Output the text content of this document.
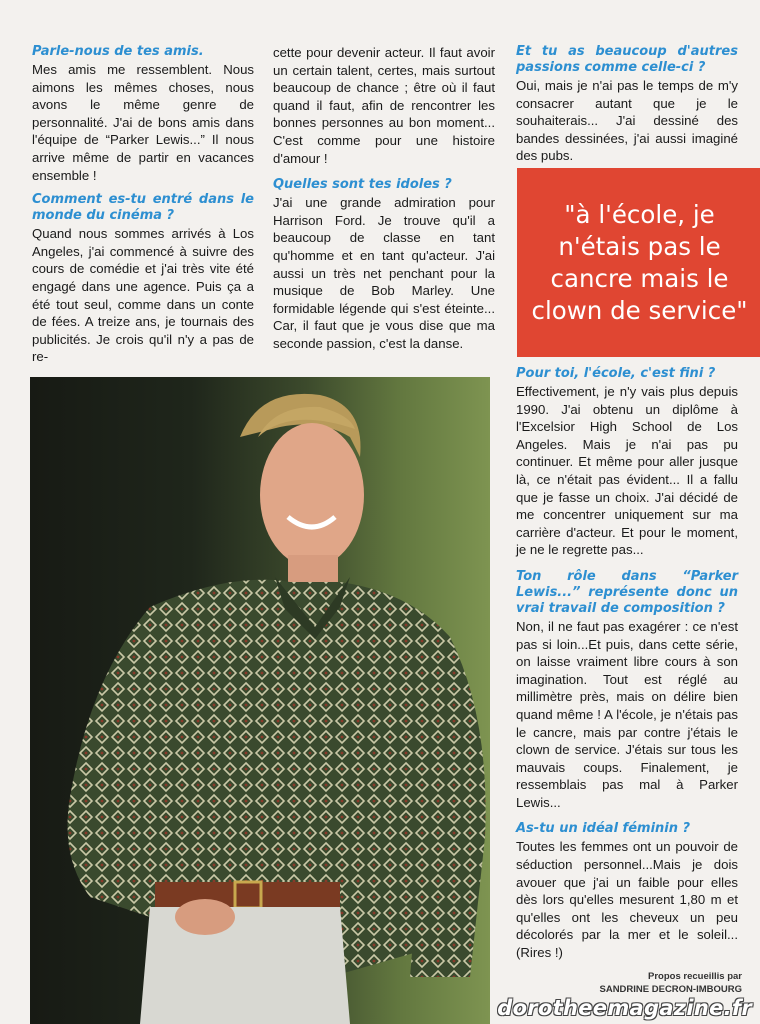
Parle-nous de tes amis.

Mes amis me ressemblent. Nous aimons les mêmes choses, nous avons le même genre de personnalité. J'ai de bons amis dans l'équipe de “Parker Lewis...” Il nous arrive même de partir en vacances ensemble !

Comment es-tu entré dans le monde du cinéma ?

Quand nous sommes arrivés à Los Angeles, j'ai commencé à suivre des cours de comédie et j'ai très vite été engagé dans une agence. Puis ça a été tout seul, comme dans un conte de fées. A treize ans, je tournais des publicités. Je crois qu'il n'y a pas de re-

cette pour devenir acteur. Il faut avoir un certain talent, certes, mais surtout beaucoup de chance ; être où il faut quand il faut, afin de rencontrer les bonnes personnes au bon moment... C'est comme pour une histoire d'amour !

Quelles sont tes idoles ?

J'ai une grande admiration pour Harrison Ford. Je trouve qu'il a beaucoup de classe en tant qu'homme et en tant qu'acteur. J'ai aussi un très net penchant pour la musique de Bob Marley. Une formidable légende qui s'est éteinte... Car, il faut que je vous dise que ma seconde passion, c'est la danse.

Et tu as beaucoup d'autres passions comme celle-ci ?

Oui, mais je n'ai pas le temps de m'y consacrer autant que je le souhaiterais... J'ai dessiné des bandes dessinées, j'ai aussi imaginé des pubs.

"à l'école, je n'étais pas le cancre mais le clown de service"
Pour toi, l'école, c'est fini ?

Effectivement, je n'y vais plus depuis 1990. J'ai obtenu un diplôme à l'Excelsior High School de Los Angeles. Mais je n'ai pas pu continuer. Et même pour aller jusque là, ce n'était pas évident... Il a fallu que je fasse un choix. J'ai décidé de me concentrer uniquement sur ma carrière d'acteur. Et pour le moment, je ne le regrette pas...

Ton rôle dans “Parker Lewis...” représente donc un vrai travail de composition ?

Non, il ne faut pas exagérer : ce n'est pas si loin...Et puis, dans cette série, on laisse vraiment libre cours à son imagination. Tout est réglé au millimètre près, mais on délire bien quand même ! A l'école, je n'étais pas le cancre, mais par contre j'étais le clown de service. J'étais sur tous les mauvais coups. Finalement, je ressemblais pas mal à Parker Lewis...

As-tu un idéal féminin ?

Toutes les femmes ont un pouvoir de séduction personnel...Mais je dois avouer que j'ai un faible pour elles dès lors qu'elles mesurent 1,80 m et qu'elles ont les cheveux un peu décolorés par la mer et le soleil... (Rires !)

Propos recueillis par
SANDRINE DECRON-IMBOURG
dorotheemagazine.fr
